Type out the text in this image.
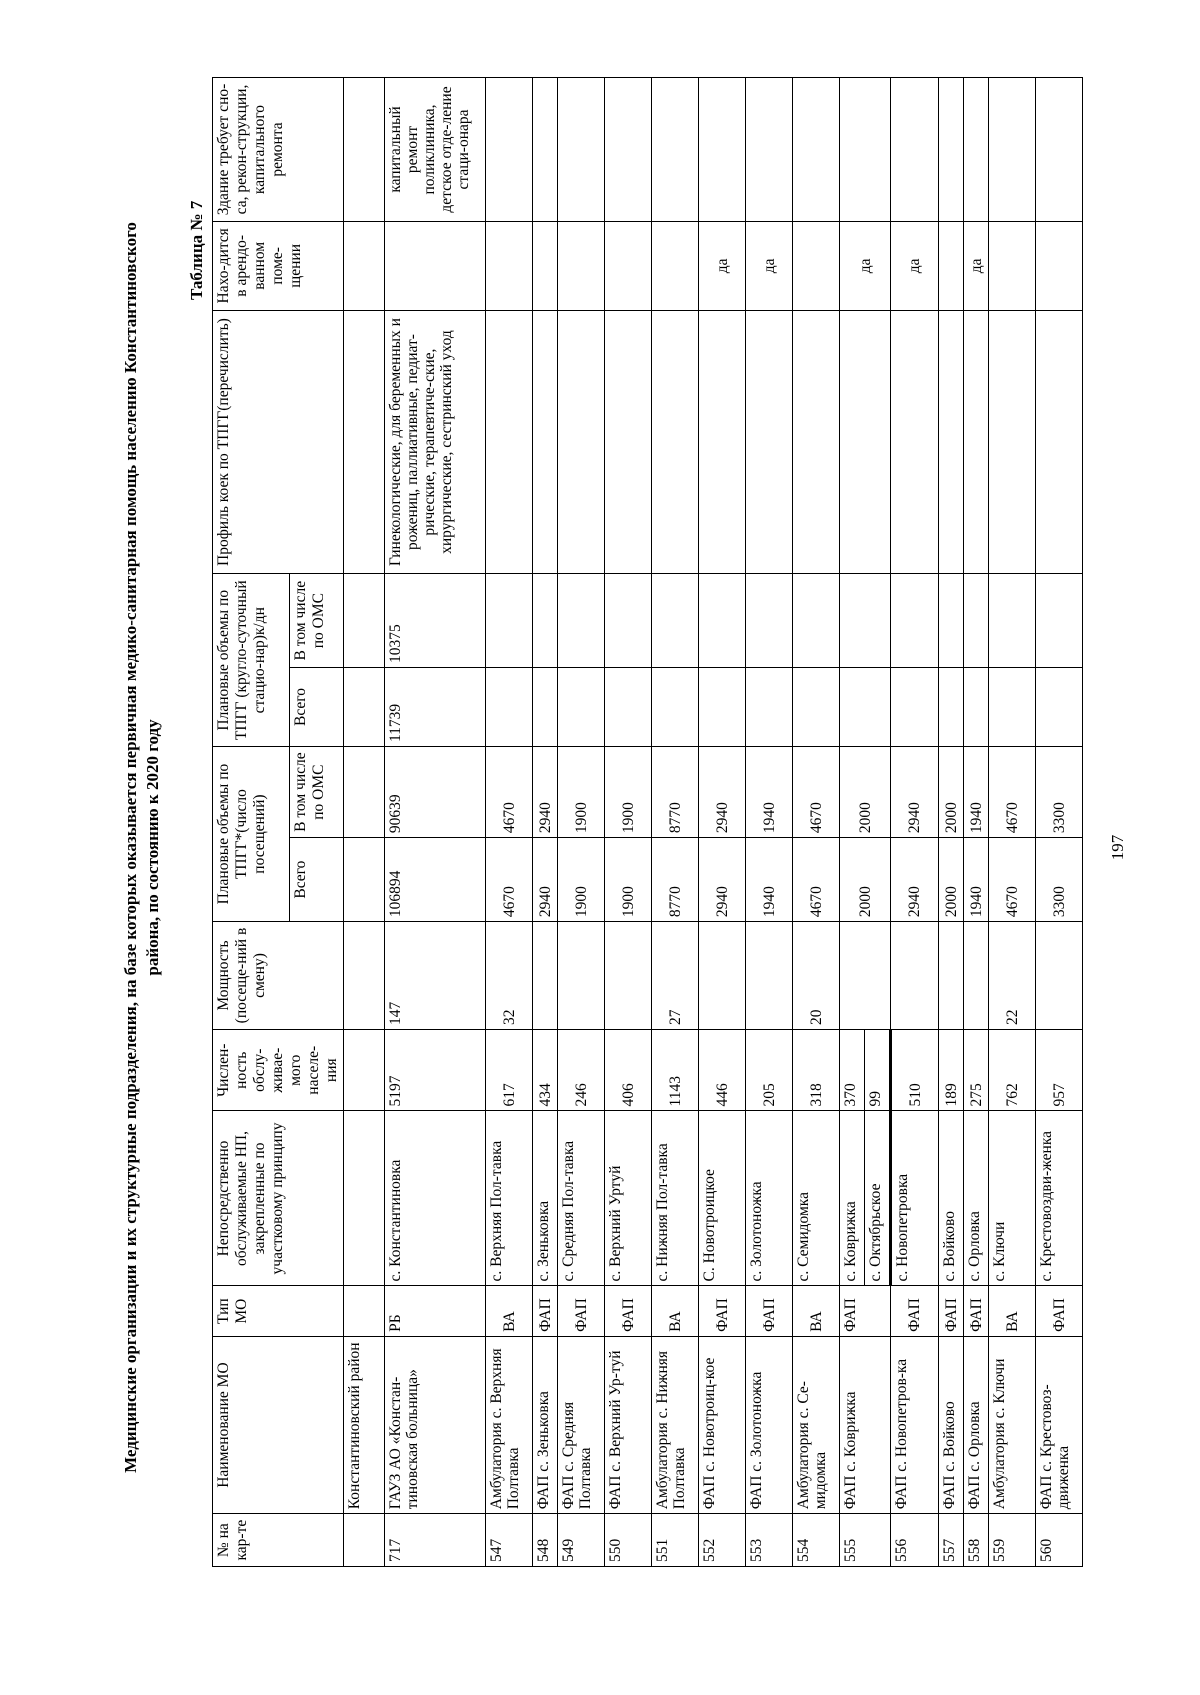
197
Медицинские организации и их структурные подразделения, на базе которых оказывается первичная медико-санитарная помощь населению Константиновского района, по состоянию к 2020 году
Таблица № 7
№ на кар-те	Наименование МО	Тип МО	Непосредственно обслуживаемые НП, закрепленные по участковому принципу	Числен-ность обслу-живае-мого населе-ния	Мощность (посеще-ний в смену)	Плановые объемы по ТПГГ*(число посещений)		Плановые объемы по ТПГГ (кругло-суточный стацио-нар)к/дн		Профиль коек по ТПГГ(перечислить)	Нахо-дится в арендо-ванном поме-щении	Здание требует сно-са, рекон-струкции, капитального ремонта
						Всего	В том числе по ОМС	Всего	В том числе по ОМС			
	Константиновский район											
717	ГАУЗ АО «Констан-тиновская больница»	РБ	с. Константиновка	5197	147	106894	90639	11739	10375	Гинекологические, для беременных и рожениц, паллиативные, педиат-рические, терапевтиче-ские, хирургические, сестринский уход		капитальный ремонт поликлиника, детское отде-ление стаци-онара
547	Амбулатория с. Верхняя Полтавка	ВА	с. Верхняя Пол-тавка	617	32	4670	4670					
548	ФАП с. Зеньковка	ФАП	с. Зеньковка	434		2940	2940					
549	ФАП с. Средняя Полтавка	ФАП	с. Средняя Пол-тавка	246		1900	1900					
550	ФАП с. Верхний Ур-туй	ФАП	с. Верхний Уртуй	406		1900	1900					
551	Амбулатория с. Нижняя Полтавка	ВА	с. Нижняя Пол-тавка	1143	27	8770	8770					
552	ФАП с. Новотроиц-кое	ФАП	С. Новотроицкое	446		2940	2940				да	
553	ФАП с. Золотоножка	ФАП	с. Золотоножка	205		1940	1940				да	
554	Амбулатория с. Се-мидомка	ВА	с. Семидомка	318	20	4670	4670					
555	ФАП с. Коврижка	ФАП	с. Коврижка	370		2000	2000				да	
			с. Октябрьское	99								
556	ФАП с. Новопетров-ка	ФАП	с. Новопетровка	510		2940	2940				да	
557	ФАП с. Войково	ФАП	с. Войково	189		2000	2000					
558	ФАП с. Орловка	ФАП	с. Орловка	275		1940	1940				да	
559	Амбулатория с. Ключи	ВА	с. Ключи	762	22	4670	4670					
560	ФАП с. Крестовоз-движенка	ФАП	с. Крестовоздви-женка	957		3300	3300					
